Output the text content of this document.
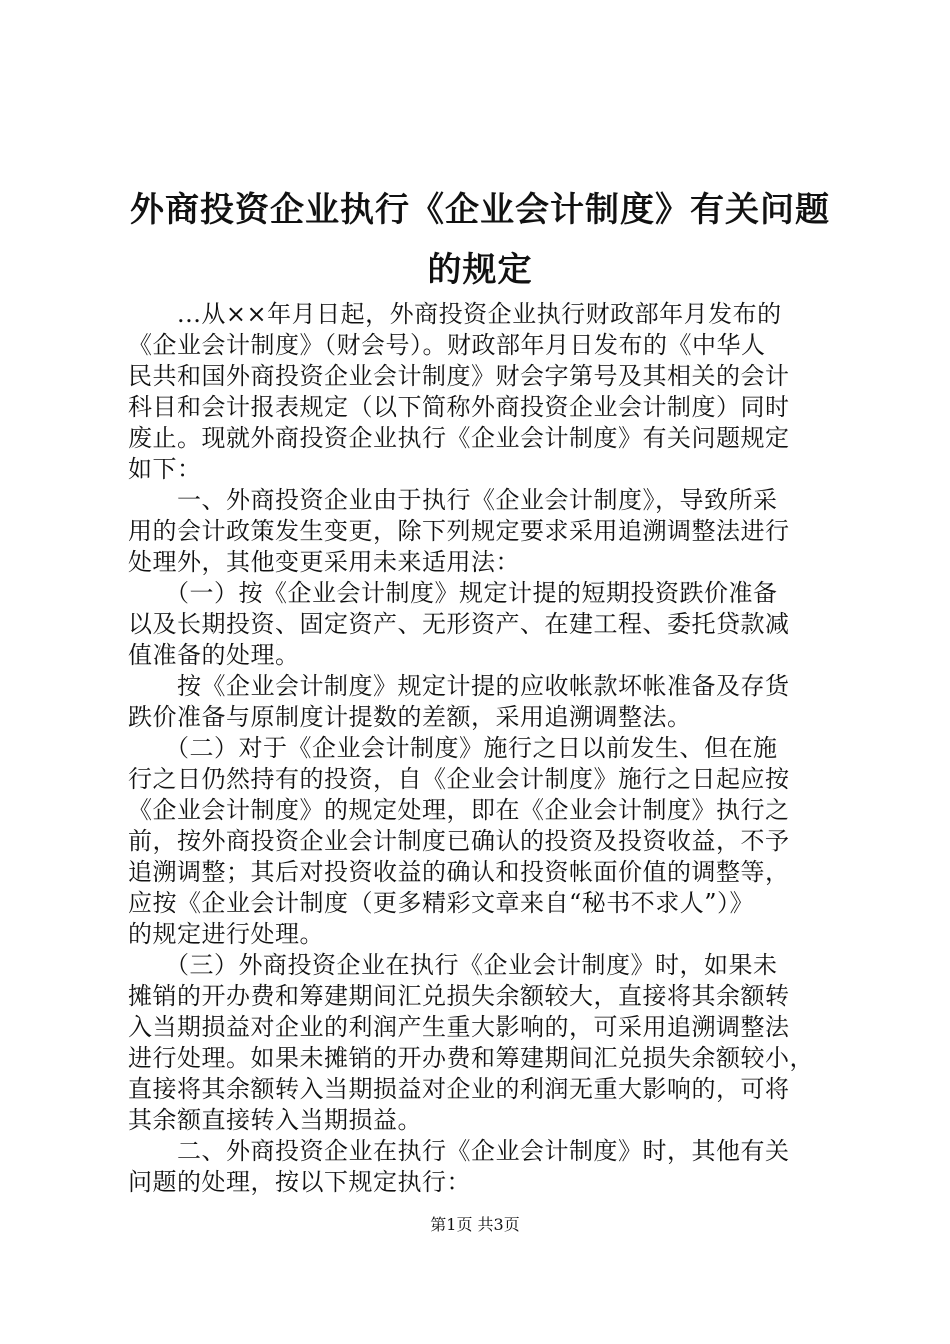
外商投资企业执行《企业会计制度》有关问题
的规定
　　...从××年月日起，外商投资企业执行财政部年月发布的
《企业会计制度》（财会号）。财政部年月日发布的《中华人
民共和国外商投资企业会计制度》财会字第号及其相关的会计
科目和会计报表规定（以下简称外商投资企业会计制度）同时
废止。现就外商投资企业执行《企业会计制度》有关问题规定
如下：
　　一、外商投资企业由于执行《企业会计制度》，导致所采
用的会计政策发生变更，除下列规定要求采用追溯调整法进行
处理外，其他变更采用未来适用法：
　　（一）按《企业会计制度》规定计提的短期投资跌价准备
以及长期投资、固定资产、无形资产、在建工程、委托贷款减
值准备的处理。
　　按《企业会计制度》规定计提的应收帐款坏帐准备及存货
跌价准备与原制度计提数的差额，采用追溯调整法。
　　（二）对于《企业会计制度》施行之日以前发生、但在施
行之日仍然持有的投资，自《企业会计制度》施行之日起应按
《企业会计制度》的规定处理，即在《企业会计制度》执行之
前，按外商投资企业会计制度已确认的投资及投资收益，不予
追溯调整；其后对投资收益的确认和投资帐面价值的调整等，
应按《企业会计制度（更多精彩文章来自“秘书不求人”）》
的规定进行处理。
　　（三）外商投资企业在执行《企业会计制度》时，如果未
摊销的开办费和筹建期间汇兑损失余额较大，直接将其余额转
入当期损益对企业的利润产生重大影响的，可采用追溯调整法
进行处理。如果未摊销的开办费和筹建期间汇兑损失余额较小，
直接将其余额转入当期损益对企业的利润无重大影响的，可将
其余额直接转入当期损益。
　　二、外商投资企业在执行《企业会计制度》时，其他有关
问题的处理，按以下规定执行：
第1页 共3页
